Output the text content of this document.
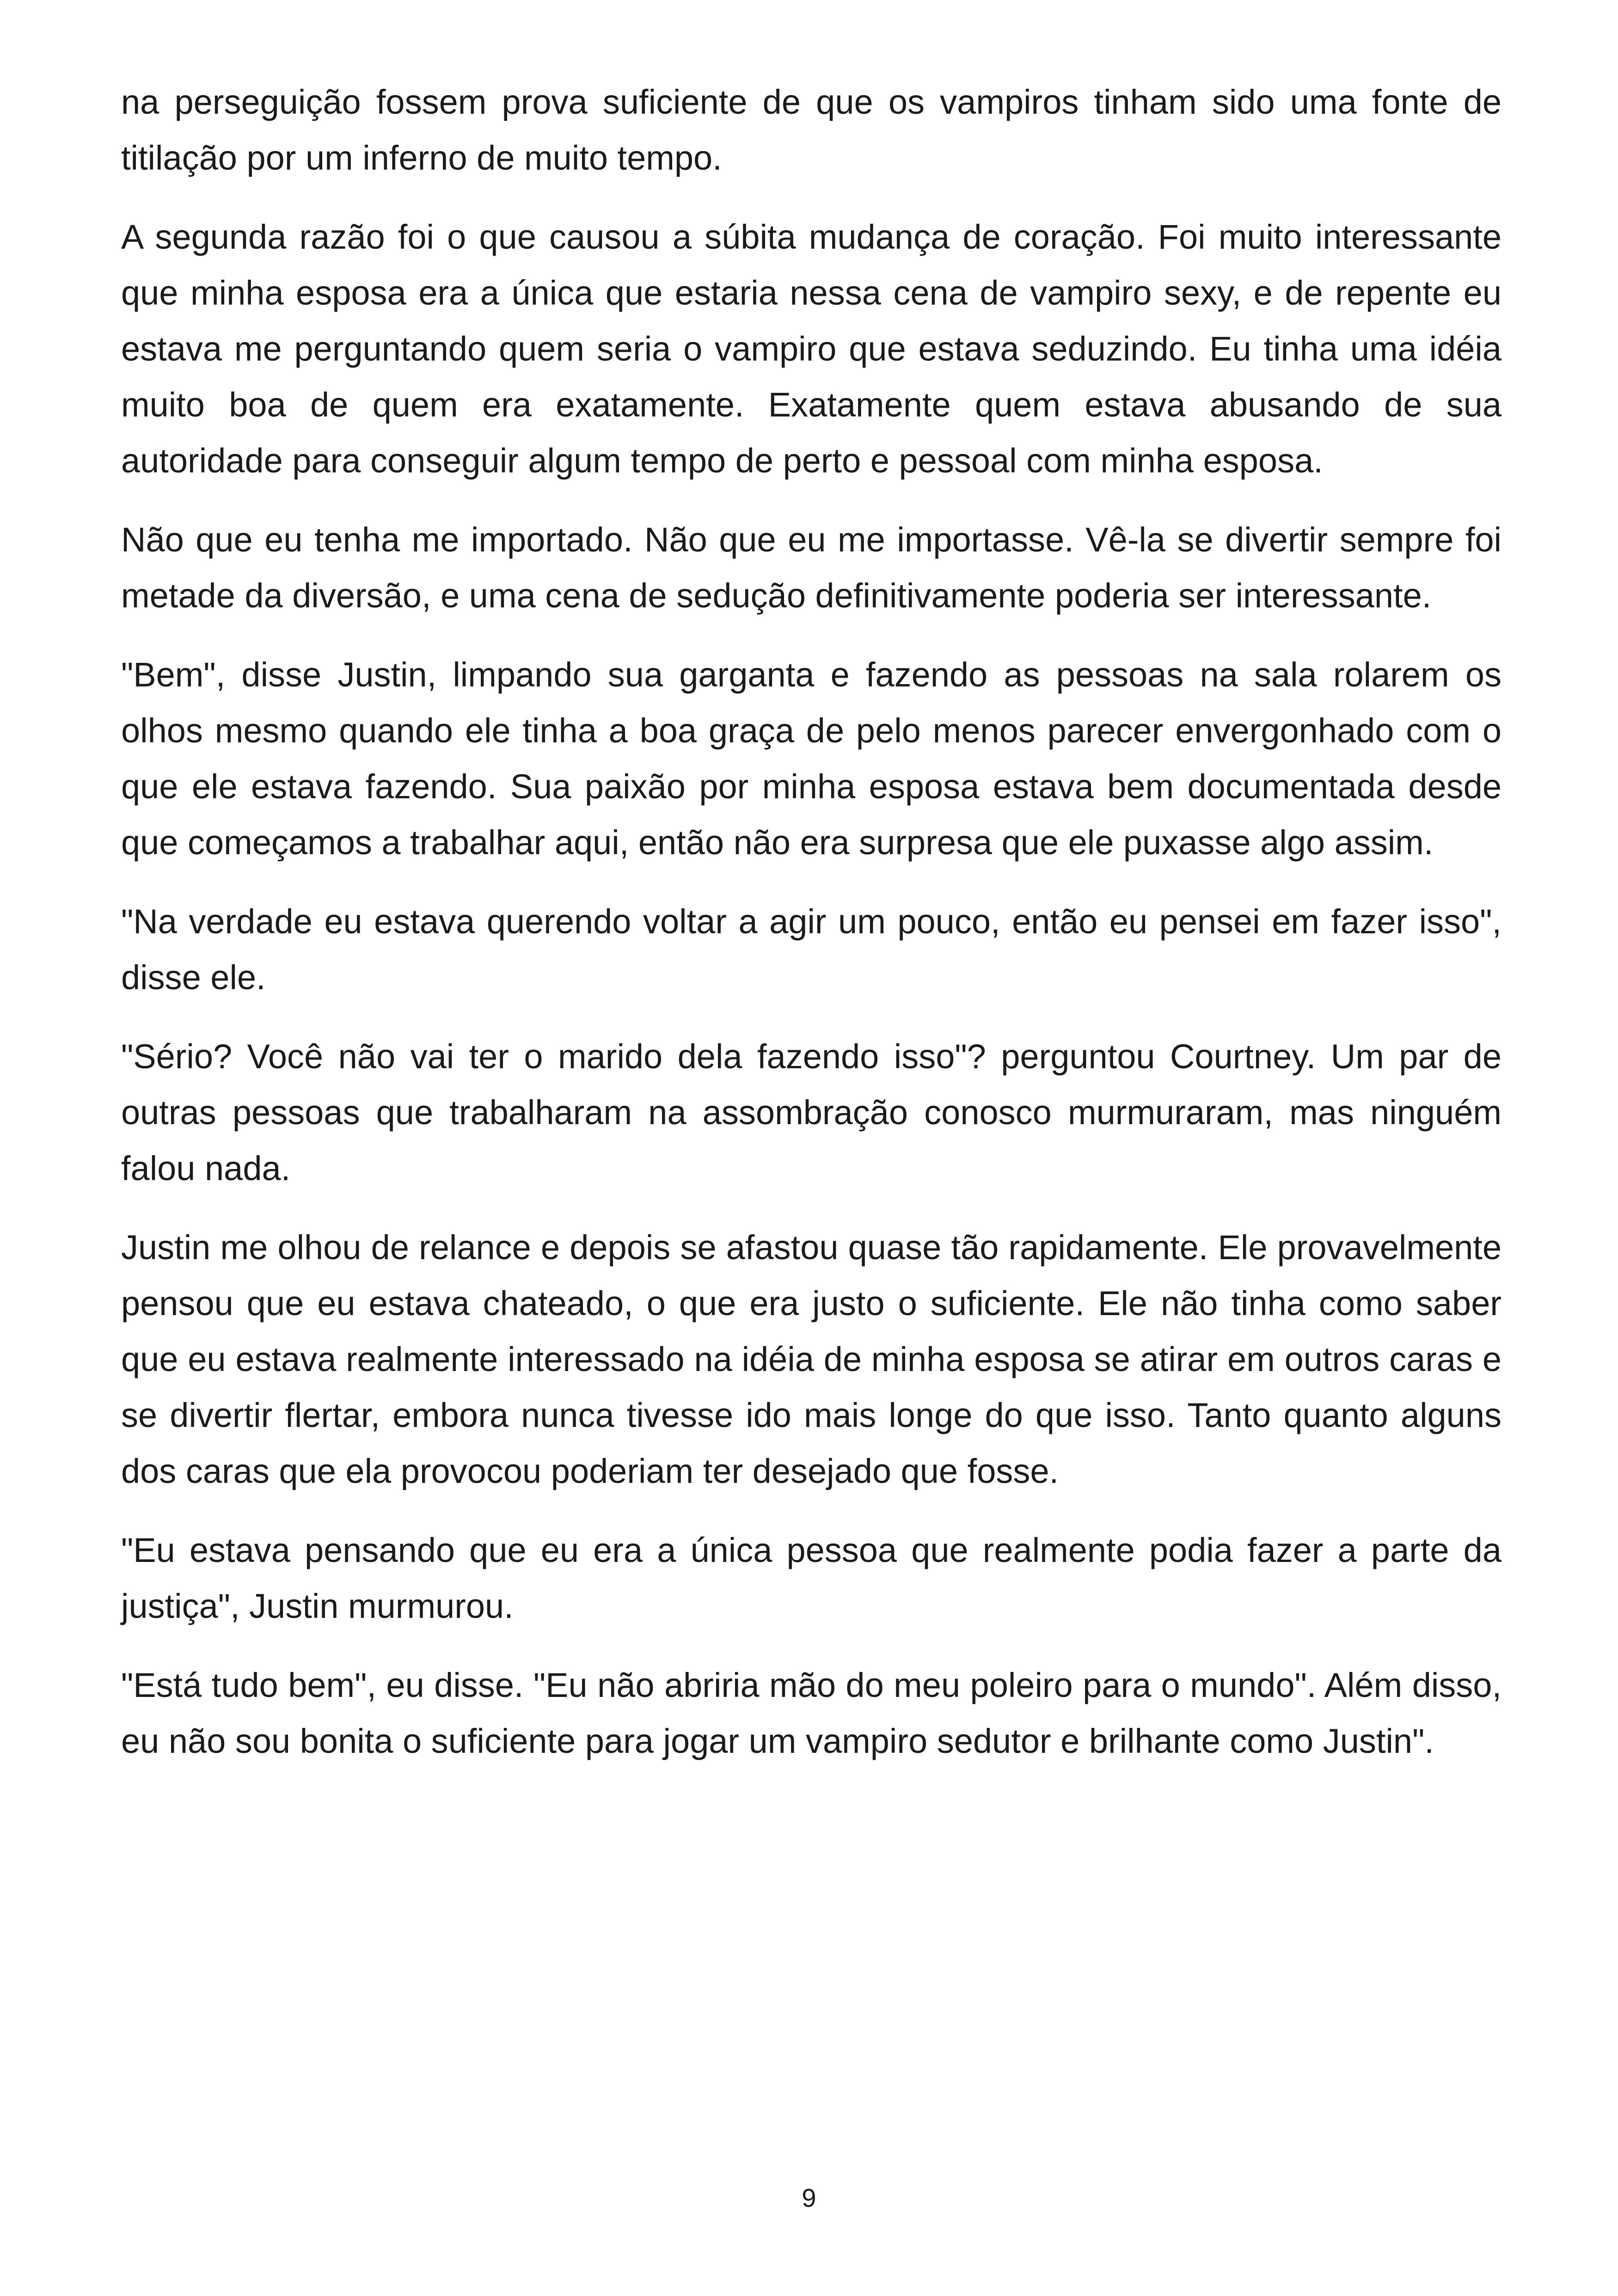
na perseguição fossem prova suficiente de que os vampiros tinham sido uma fonte de titilação por um inferno de muito tempo.

A segunda razão foi o que causou a súbita mudança de coração. Foi muito interessante que minha esposa era a única que estaria nessa cena de vampiro sexy, e de repente eu estava me perguntando quem seria o vampiro que estava seduzindo. Eu tinha uma idéia muito boa de quem era exatamente. Exatamente quem estava abusando de sua autoridade para conseguir algum tempo de perto e pessoal com minha esposa.

Não que eu tenha me importado. Não que eu me importasse. Vê-la se divertir sempre foi metade da diversão, e uma cena de sedução definitivamente poderia ser interessante.

"Bem", disse Justin, limpando sua garganta e fazendo as pessoas na sala rolarem os olhos mesmo quando ele tinha a boa graça de pelo menos parecer envergonhado com o que ele estava fazendo. Sua paixão por minha esposa estava bem documentada desde que começamos a trabalhar aqui, então não era surpresa que ele puxasse algo assim.

"Na verdade eu estava querendo voltar a agir um pouco, então eu pensei em fazer isso", disse ele.

"Sério? Você não vai ter o marido dela fazendo isso"? perguntou Courtney. Um par de outras pessoas que trabalharam na assombração conosco murmuraram, mas ninguém falou nada.

Justin me olhou de relance e depois se afastou quase tão rapidamente. Ele provavelmente pensou que eu estava chateado, o que era justo o suficiente. Ele não tinha como saber que eu estava realmente interessado na idéia de minha esposa se atirar em outros caras e se divertir flertar, embora nunca tivesse ido mais longe do que isso. Tanto quanto alguns dos caras que ela provocou poderiam ter desejado que fosse.

"Eu estava pensando que eu era a única pessoa que realmente podia fazer a parte da justiça", Justin murmurou.

"Está tudo bem", eu disse. "Eu não abriria mão do meu poleiro para o mundo". Além disso, eu não sou bonita o suficiente para jogar um vampiro sedutor e brilhante como Justin".

9
